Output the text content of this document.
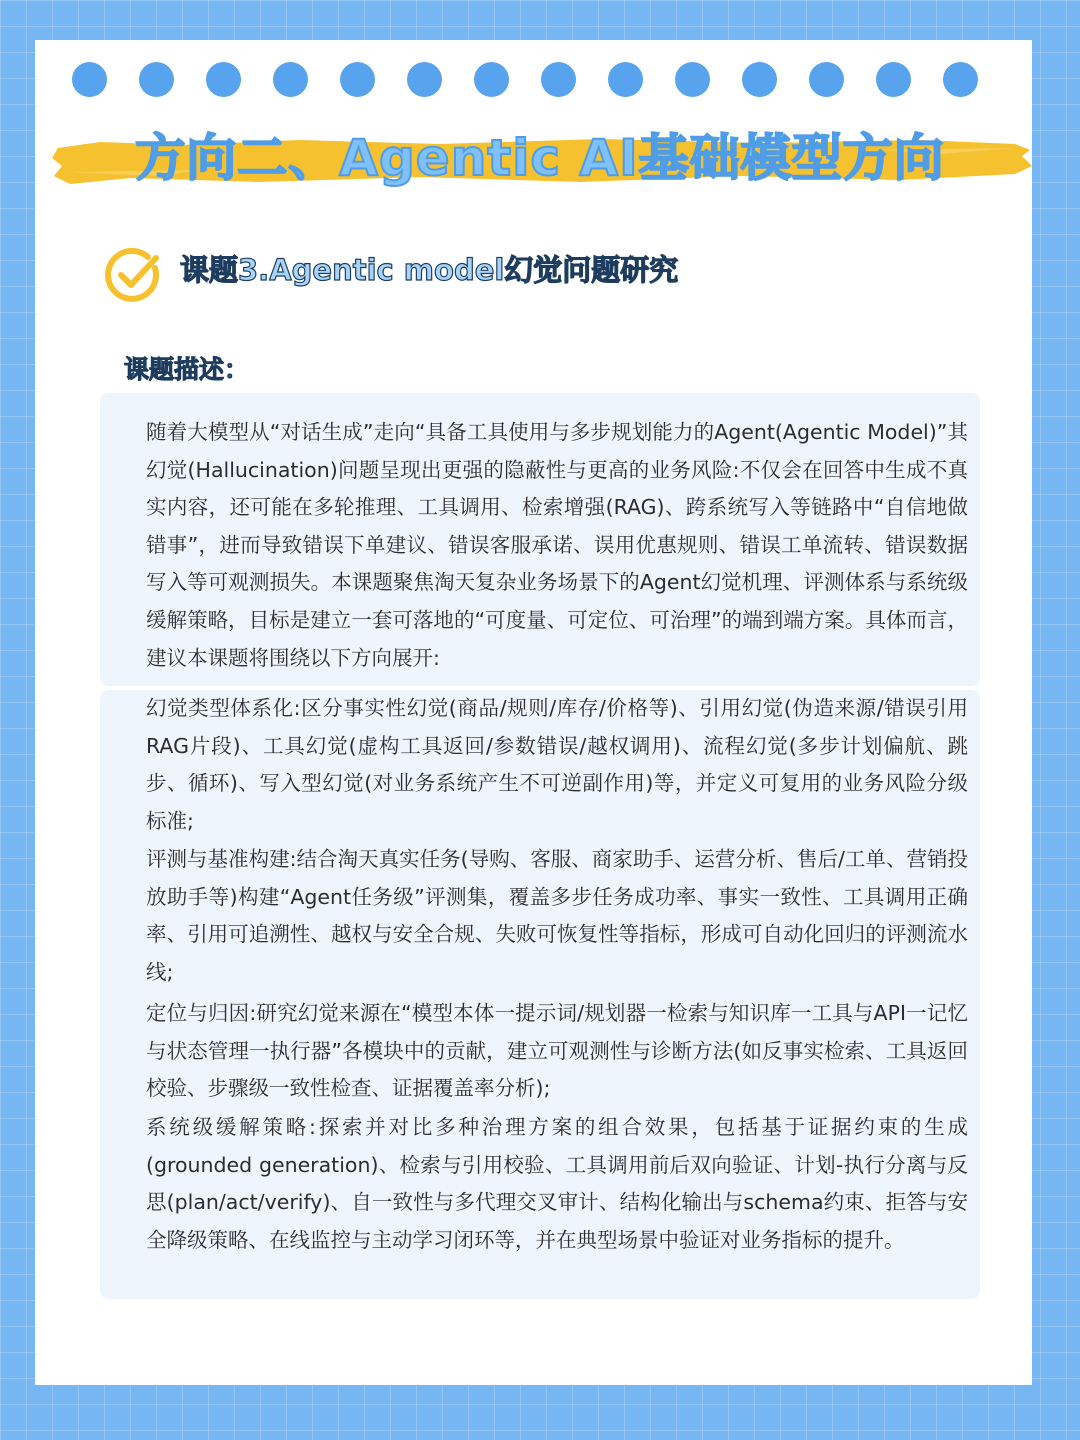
方向二、Agentic AI基础模型方向
课题3.Agentic model幻觉问题研究
课题描述：

随着大模型从“对话生成”走向“具备工具使用与多步规划能力的Agent(Agentic Model)”其幻觉(Hallucination)问题呈现出更强的隐蔽性与更高的业务风险:不仅会在回答中生成不真实内容，还可能在多轮推理、工具调用、检索增强(RAG)、跨系统写入等链路中“自信地做错事”，进而导致错误下单建议、错误客服承诺、误用优惠规则、错误工单流转、错误数据写入等可观测损失。本课题聚焦淘天复杂业务场景下的Agent幻觉机理、评测体系与系统级缓解策略，目标是建立一套可落地的“可度量、可定位、可治理”的端到端方案。具体而言，建议本课题将围绕以下方向展开:

幻觉类型体系化:区分事实性幻觉(商品/规则/库存/价格等)、引用幻觉(伪造来源/错误引用RAG片段)、工具幻觉(虚构工具返回/参数错误/越权调用)、流程幻觉(多步计划偏航、跳步、循环)、写入型幻觉(对业务系统产生不可逆副作用)等，并定义可复用的业务风险分级标准;

评测与基准构建:结合淘天真实任务(导购、客服、商家助手、运营分析、售后/工单、营销投放助手等)构建“Agent任务级”评测集，覆盖多步任务成功率、事实一致性、工具调用正确率、引用可追溯性、越权与安全合规、失败可恢复性等指标，形成可自动化回归的评测流水线;

定位与归因:研究幻觉来源在“模型本体一提示词/规划器一检索与知识库一工具与API一记忆与状态管理一执行器”各模块中的贡献，建立可观测性与诊断方法(如反事实检索、工具返回校验、步骤级一致性检查、证据覆盖率分析);

系统级缓解策略:探索并对比多种治理方案的组合效果，包括基于证据约束的生成(grounded generation)、检索与引用校验、工具调用前后双向验证、计划-执行分离与反思(plan/act/verify)、自一致性与多代理交叉审计、结构化输出与schema约束、拒答与安全降级策略、在线监控与主动学习闭环等，并在典型场景中验证对业务指标的提升。
